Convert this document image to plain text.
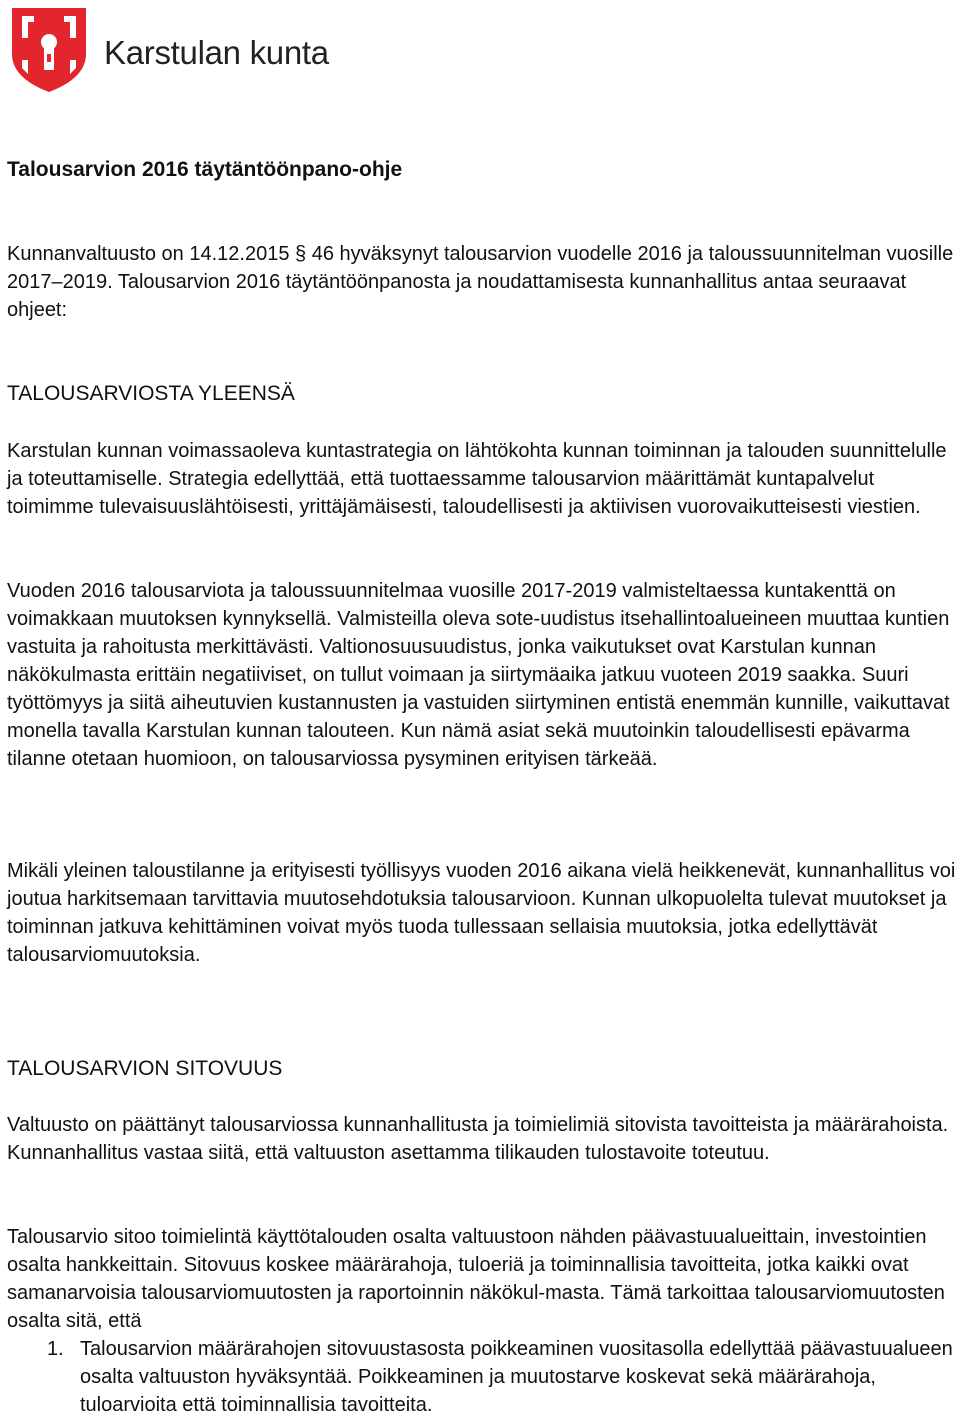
Karstulan kunta
Talousarvion 2016 täytäntöönpano-ohje

Kunnanvaltuusto on 14.12.2015 § 46 hyväksynyt talousarvion vuodelle 2016 ja taloussuunnitelman vuosille 2017–2019. Talousarvion 2016 täytäntöönpanosta ja noudattamisesta kunnanhallitus antaa seuraavat ohjeet:

TALOUSARVIOSTA YLEENSÄ

Karstulan kunnan voimassaoleva kuntastrategia on lähtökohta kunnan toiminnan ja talouden suunnittelulle ja toteuttamiselle. Strategia edellyttää, että tuottaessamme talousarvion määrittämät kuntapalvelut toimimme tulevaisuuslähtöisesti, yrittäjämäisesti, taloudellisesti ja aktiivisen vuorovaikutteisesti viestien.

Vuoden 2016 talousarviota ja taloussuunnitelmaa vuosille 2017-2019 valmisteltaessa kuntakenttä on voimakkaan muutoksen kynnyksellä. Valmisteilla oleva sote-uudistus itsehallintoalueineen muuttaa kuntien vastuita ja rahoitusta merkittävästi. Valtionosuusuudistus, jonka vaikutukset ovat Karstulan kunnan näkökulmasta erittäin negatiiviset, on tullut voimaan ja siirtymäaika jatkuu vuoteen 2019 saakka. Suuri työttömyys ja siitä aiheutuvien kustannusten ja vastuiden siirtyminen entistä enemmän kunnille, vaikuttavat monella tavalla Karstulan kunnan talouteen. Kun nämä asiat sekä muutoinkin taloudellisesti epävarma tilanne otetaan huomioon, on talousarviossa pysyminen erityisen tärkeää.

Mikäli yleinen taloustilanne ja erityisesti työllisyys vuoden 2016 aikana vielä heikkenevät, kunnanhallitus voi joutua harkitsemaan tarvittavia muutosehdotuksia talousarvioon. Kunnan ulkopuolelta tulevat muutokset ja toiminnan jatkuva kehittäminen voivat myös tuoda tullessaan sellaisia muutoksia, jotka edellyttävät talousarviomuutoksia.

TALOUSARVION SITOVUUS

Valtuusto on päättänyt talousarviossa kunnanhallitusta ja toimielimiä sitovista tavoitteista ja määrärahoista. Kunnanhallitus vastaa siitä, että valtuuston asettamma tilikauden tulostavoite toteutuu.

Talousarvio sitoo toimielintä käyttötalouden osalta valtuustoon nähden päävastuualueittain, investointien osalta hankkeittain. Sitovuus koskee määrärahoja, tuloeriä ja toiminnallisia tavoitteita, jotka kaikki ovat samanarvoisia talousarviomuutosten ja raportoinnin näkökul-masta. Tämä tarkoittaa talousarviomuutosten osalta sitä, että

1. Talousarvion määrärahojen sitovuustasosta poikkeaminen vuositasolla edellyttää päävastuualueen osalta valtuuston hyväksyntää. Poikkeaminen ja muutostarve koskevat sekä määrärahoja, tuloarvioita että toiminnallisia tavoitteita.
